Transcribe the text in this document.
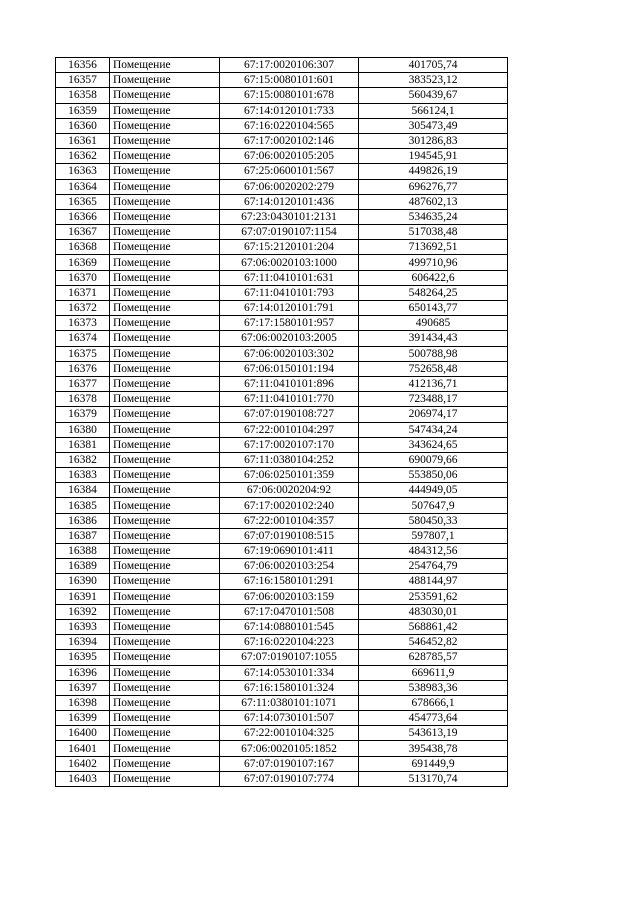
16356	Помещение	67:17:0020106:307	401705,74
16357	Помещение	67:15:0080101:601	383523,12
16358	Помещение	67:15:0080101:678	560439,67
16359	Помещение	67:14:0120101:733	566124,1
16360	Помещение	67:16:0220104:565	305473,49
16361	Помещение	67:17:0020102:146	301286,83
16362	Помещение	67:06:0020105:205	194545,91
16363	Помещение	67:25:0600101:567	449826,19
16364	Помещение	67:06:0020202:279	696276,77
16365	Помещение	67:14:0120101:436	487602,13
16366	Помещение	67:23:0430101:2131	534635,24
16367	Помещение	67:07:0190107:1154	517038,48
16368	Помещение	67:15:2120101:204	713692,51
16369	Помещение	67:06:0020103:1000	499710,96
16370	Помещение	67:11:0410101:631	606422,6
16371	Помещение	67:11:0410101:793	548264,25
16372	Помещение	67:14:0120101:791	650143,77
16373	Помещение	67:17:1580101:957	490685
16374	Помещение	67:06:0020103:2005	391434,43
16375	Помещение	67:06:0020103:302	500788,98
16376	Помещение	67:06:0150101:194	752658,48
16377	Помещение	67:11:0410101:896	412136,71
16378	Помещение	67:11:0410101:770	723488,17
16379	Помещение	67:07:0190108:727	206974,17
16380	Помещение	67:22:0010104:297	547434,24
16381	Помещение	67:17:0020107:170	343624,65
16382	Помещение	67:11:0380104:252	690079,66
16383	Помещение	67:06:0250101:359	553850,06
16384	Помещение	67:06:0020204:92	444949,05
16385	Помещение	67:17:0020102:240	507647,9
16386	Помещение	67:22:0010104:357	580450,33
16387	Помещение	67:07:0190108:515	597807,1
16388	Помещение	67:19:0690101:411	484312,56
16389	Помещение	67:06:0020103:254	254764,79
16390	Помещение	67:16:1580101:291	488144,97
16391	Помещение	67:06:0020103:159	253591,62
16392	Помещение	67:17:0470101:508	483030,01
16393	Помещение	67:14:0880101:545	568861,42
16394	Помещение	67:16:0220104:223	546452,82
16395	Помещение	67:07:0190107:1055	628785,57
16396	Помещение	67:14:0530101:334	669611,9
16397	Помещение	67:16:1580101:324	538983,36
16398	Помещение	67:11:0380101:1071	678666,1
16399	Помещение	67:14:0730101:507	454773,64
16400	Помещение	67:22:0010104:325	543613,19
16401	Помещение	67:06:0020105:1852	395438,78
16402	Помещение	67:07:0190107:167	691449,9
16403	Помещение	67:07:0190107:774	513170,74
